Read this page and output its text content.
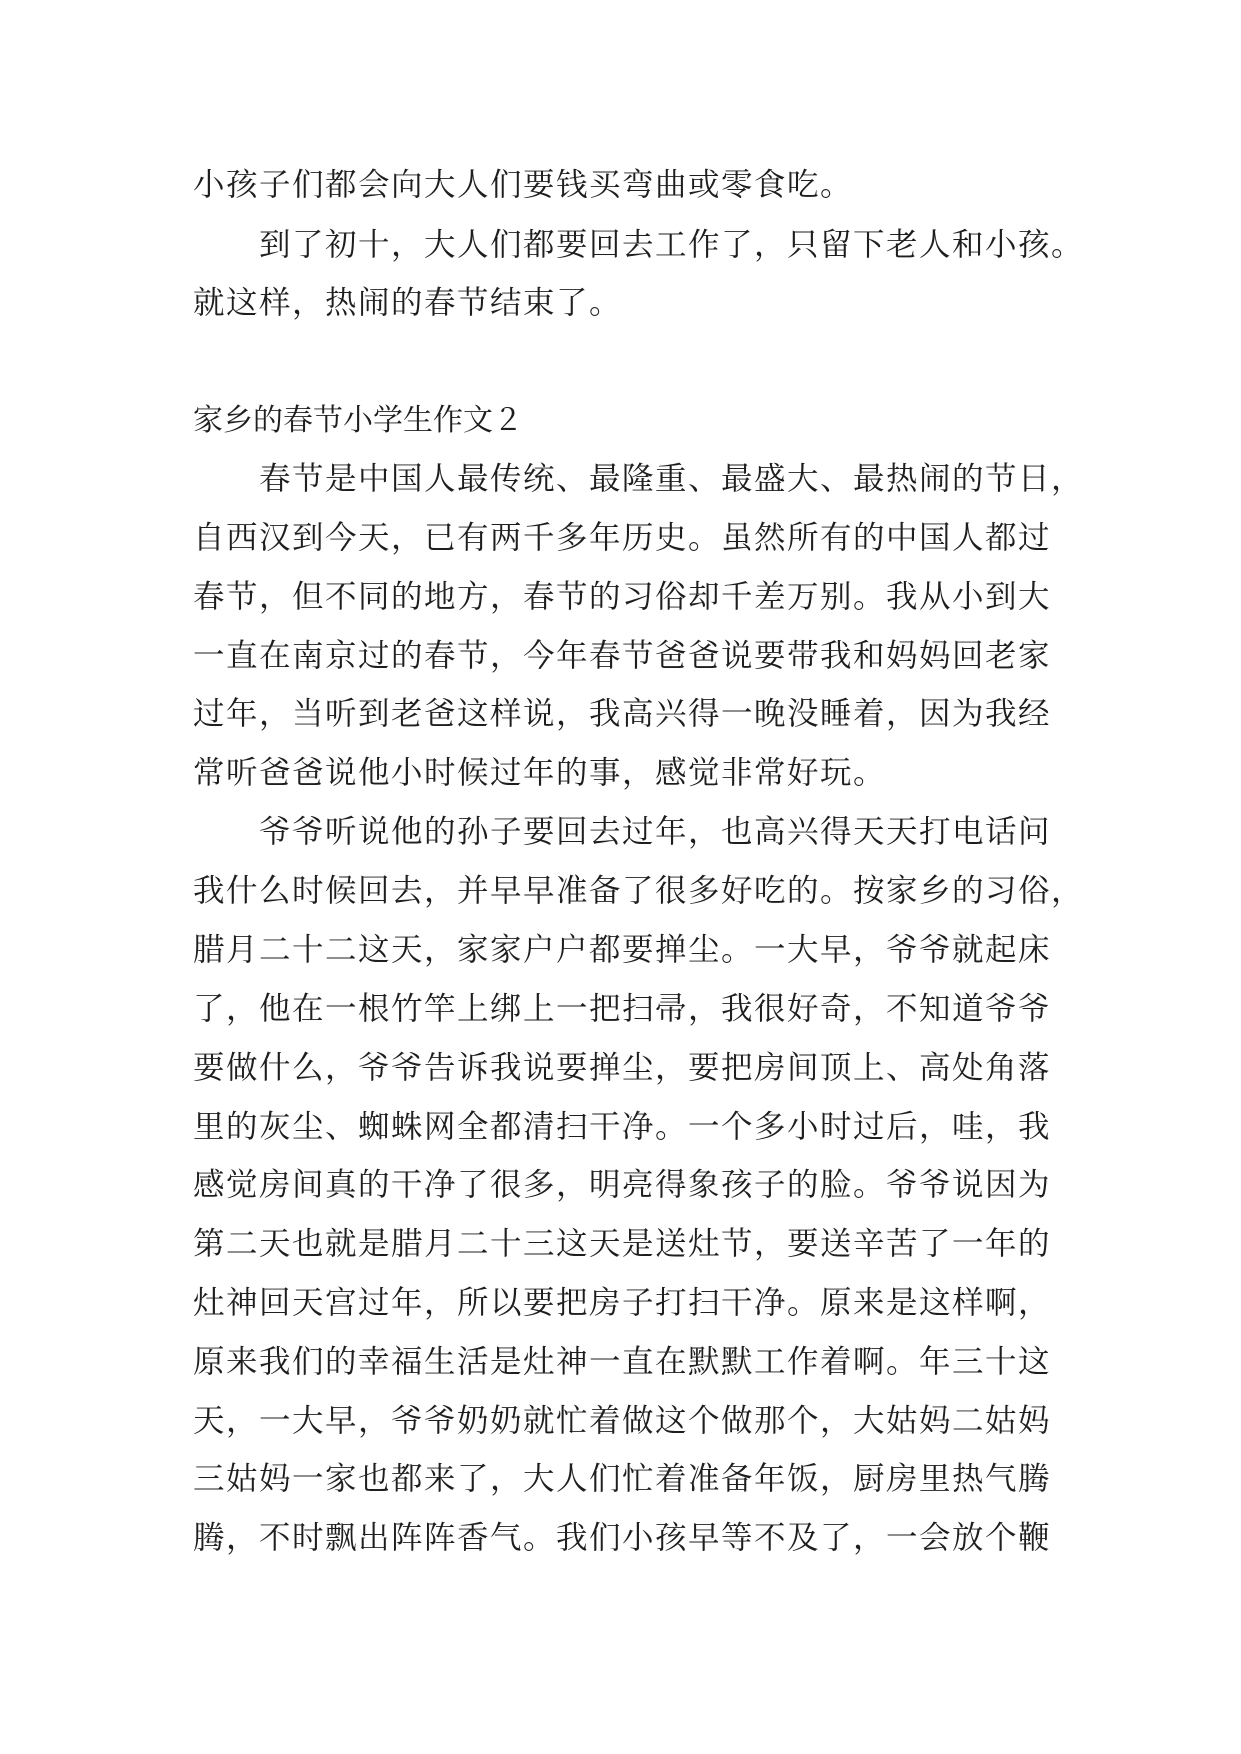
小孩子们都会向大人们要钱买弯曲或零食吃。
　　到了初十，大人们都要回去工作了，只留下老人和小孩。
就这样，热闹的春节结束了。
家乡的春节小学生作文２
　　春节是中国人最传统、最隆重、最盛大、最热闹的节日，
自西汉到今天，已有两千多年历史。虽然所有的中国人都过
春节，但不同的地方，春节的习俗却千差万别。我从小到大
一直在南京过的春节，今年春节爸爸说要带我和妈妈回老家
过年，当听到老爸这样说，我高兴得一晚没睡着，因为我经
常听爸爸说他小时候过年的事，感觉非常好玩。
　　爷爷听说他的孙子要回去过年，也高兴得天天打电话问
我什么时候回去，并早早准备了很多好吃的。按家乡的习俗，
腊月二十二这天，家家户户都要掸尘。一大早，爷爷就起床
了，他在一根竹竿上绑上一把扫帚，我很好奇，不知道爷爷
要做什么，爷爷告诉我说要掸尘，要把房间顶上、高处角落
里的灰尘、蜘蛛网全都清扫干净。一个多小时过后，哇，我
感觉房间真的干净了很多，明亮得象孩子的脸。爷爷说因为
第二天也就是腊月二十三这天是送灶节，要送辛苦了一年的
灶神回天宫过年，所以要把房子打扫干净。原来是这样啊，
原来我们的幸福生活是灶神一直在默默工作着啊。年三十这
天，一大早，爷爷奶奶就忙着做这个做那个，大姑妈二姑妈
三姑妈一家也都来了，大人们忙着准备年饭，厨房里热气腾
腾，不时飘出阵阵香气。我们小孩早等不及了，一会放个鞭
